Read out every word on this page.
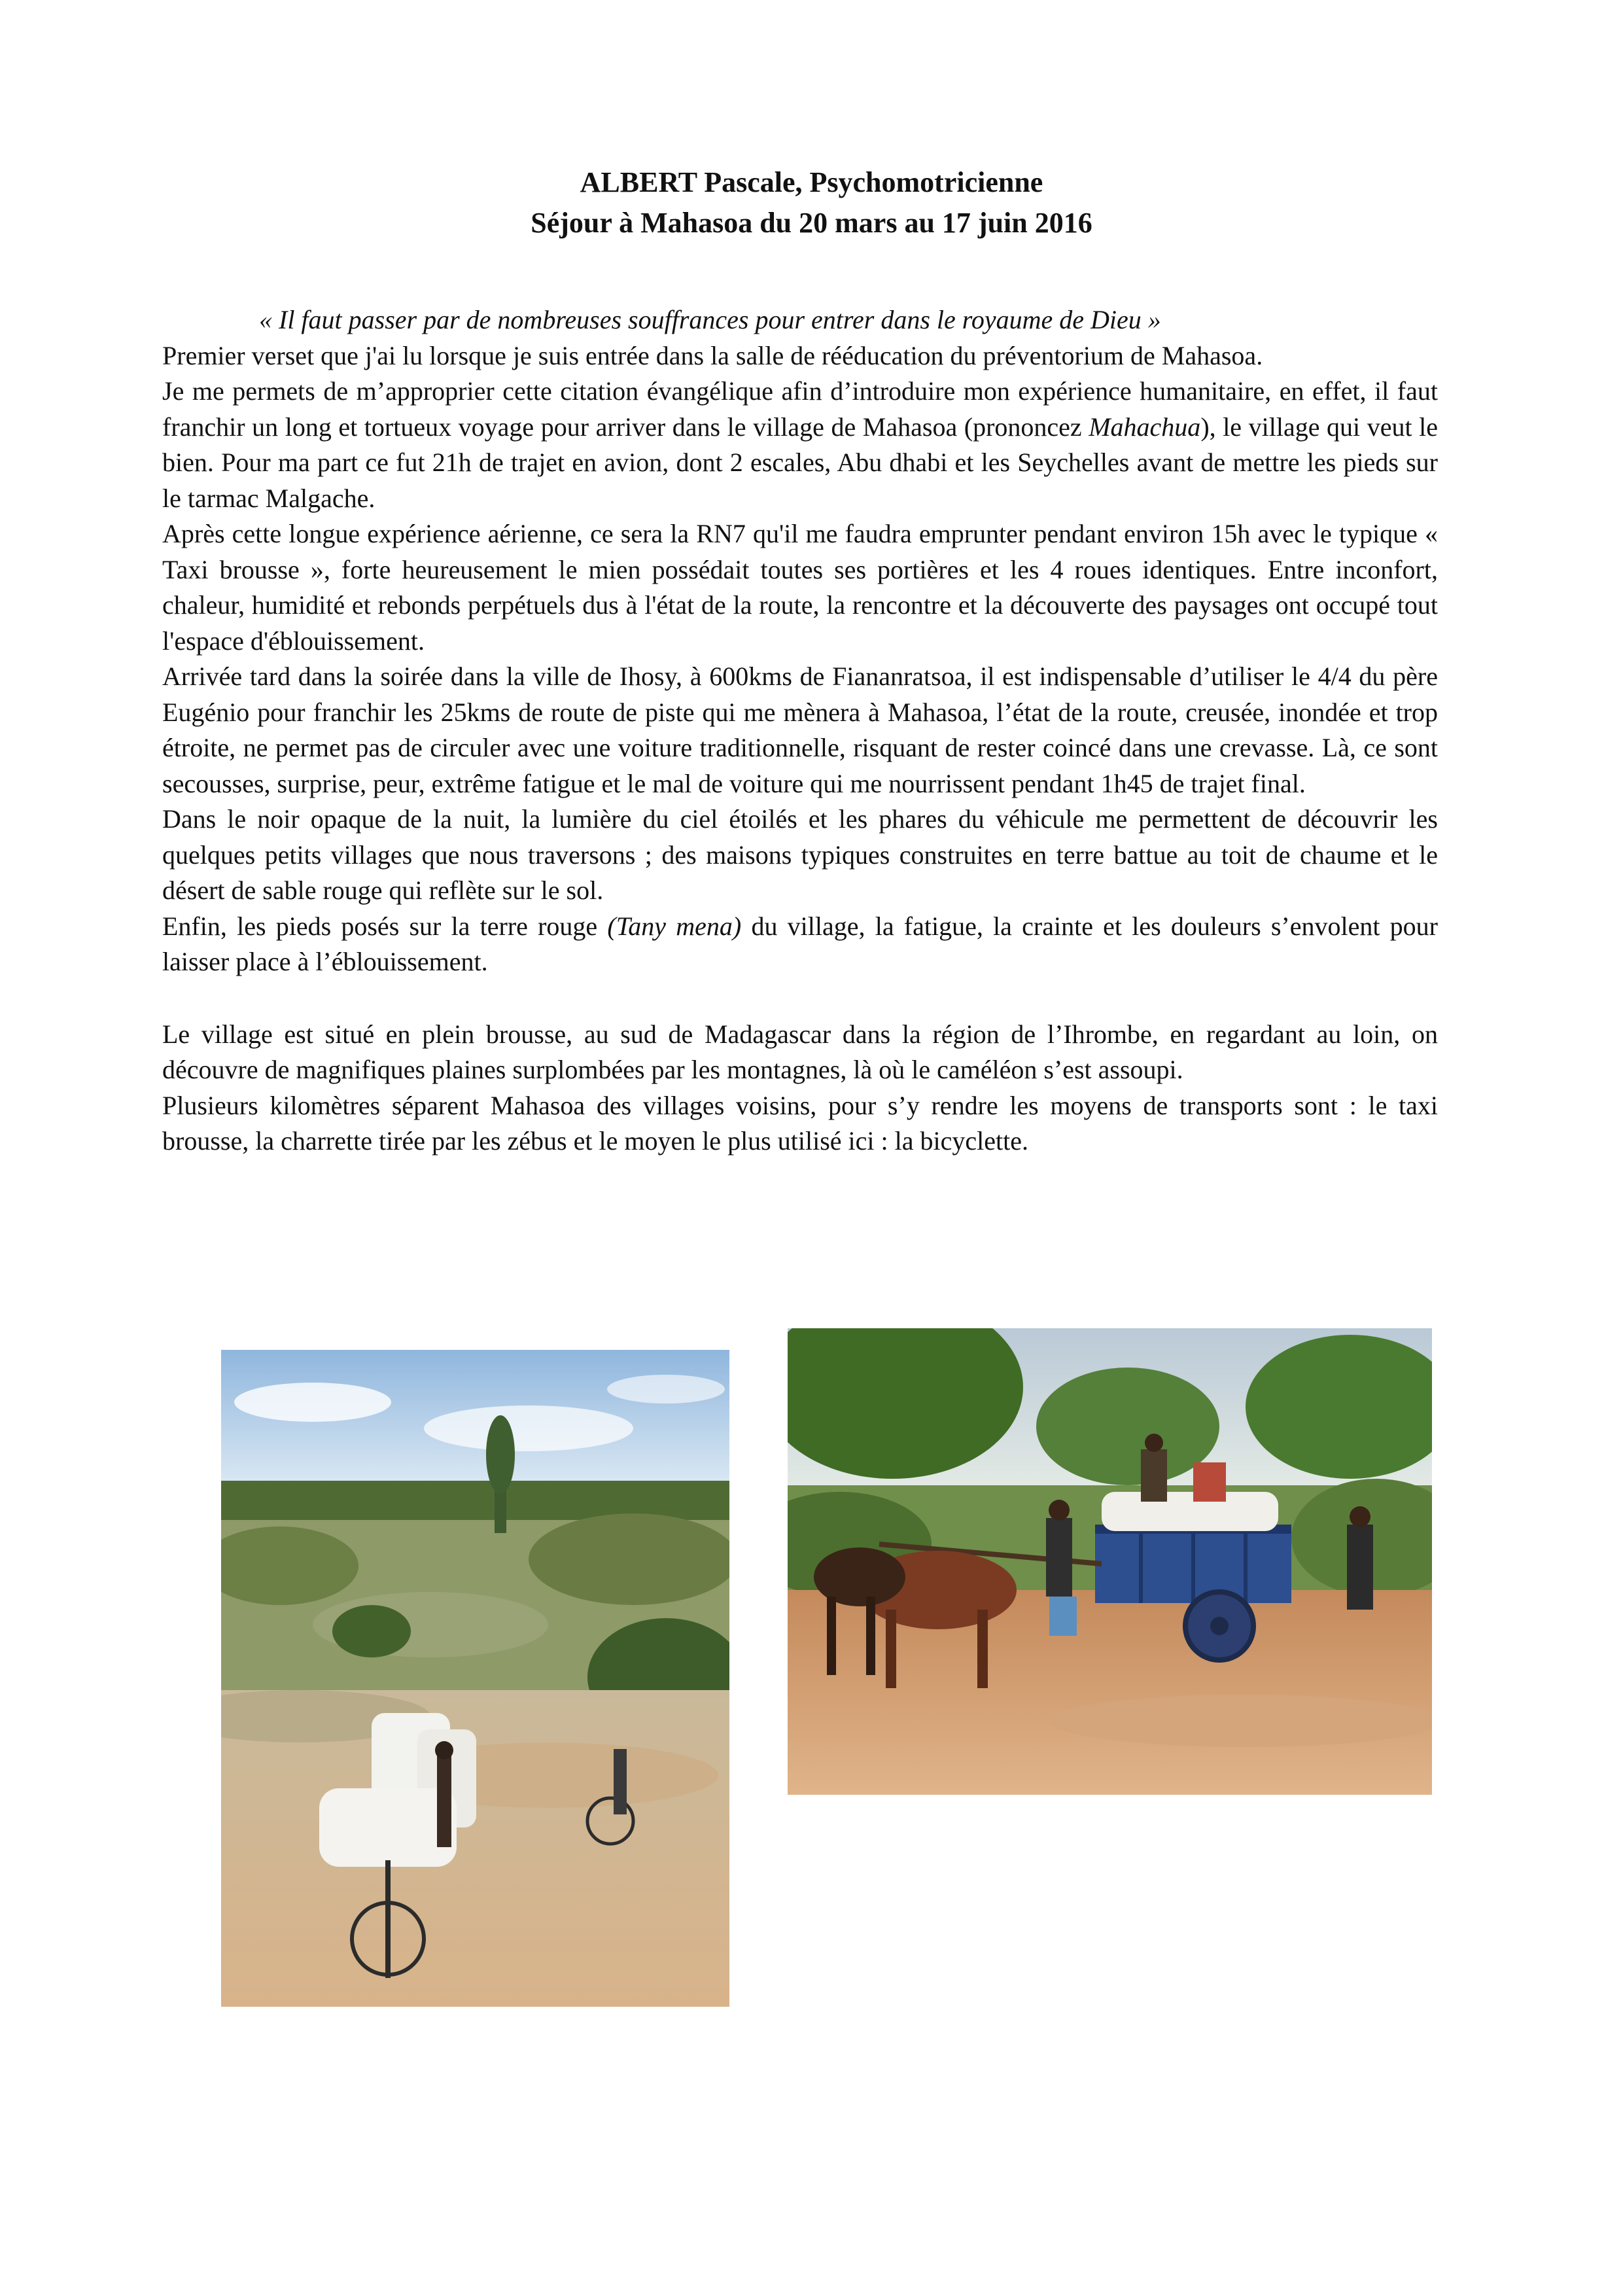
ALBERT Pascale, Psychomotricienne
Séjour à Mahasoa du 20 mars au 17 juin 2016

« Il faut passer par de nombreuses souffrances pour entrer dans le royaume de Dieu »

Premier verset que j'ai lu lorsque je suis entrée dans la salle de rééducation du préventorium de Mahasoa.

Je me permets de m’approprier cette citation évangélique afin d’introduire mon expérience humanitaire, en effet, il faut franchir un long et tortueux voyage pour arriver dans le village de Mahasoa (prononcez Mahachua), le village qui veut le bien. Pour ma part ce fut 21h de trajet en avion, dont 2 escales, Abu dhabi et les Seychelles avant de mettre les pieds sur le tarmac Malgache.

Après cette longue expérience aérienne, ce sera la RN7 qu'il me faudra emprunter pendant environ 15h avec le typique « Taxi brousse », forte heureusement le mien possédait toutes ses portières et les 4 roues identiques. Entre inconfort, chaleur, humidité et rebonds perpétuels dus à l'état de la route, la rencontre et la découverte des paysages ont occupé tout l'espace d'éblouissement.

Arrivée tard dans la soirée dans la ville de Ihosy, à 600kms de Fiananratsoa, il est indispensable d’utiliser le 4/4 du père Eugénio pour franchir les 25kms de route de piste qui me mènera à Mahasoa, l’état de la route, creusée, inondée et trop étroite, ne permet pas de circuler avec une voiture traditionnelle, risquant de rester coincé dans une crevasse. Là, ce sont secousses, surprise, peur, extrême fatigue et le mal de voiture qui me nourrissent pendant 1h45 de trajet final.

Dans le noir opaque de la nuit, la lumière du ciel étoilés et les phares du véhicule me permettent de découvrir les quelques petits villages que nous traversons ; des maisons typiques construites en terre battue au toit de chaume et le désert de sable rouge qui reflète sur le sol.

Enfin, les pieds posés sur la terre rouge (Tany mena) du village, la fatigue, la crainte et les douleurs s’envolent pour laisser place à l’éblouissement.

Le village est situé en plein brousse, au sud de Madagascar dans la région de l’Ihrombe, en regardant au loin, on découvre de magnifiques plaines surplombées par les montagnes, là où le caméléon s’est assoupi.

Plusieurs kilomètres séparent Mahasoa des villages voisins, pour s’y rendre les moyens de transports sont : le taxi brousse, la charrette tirée par les zébus et le moyen le plus utilisé ici : la bicyclette.
